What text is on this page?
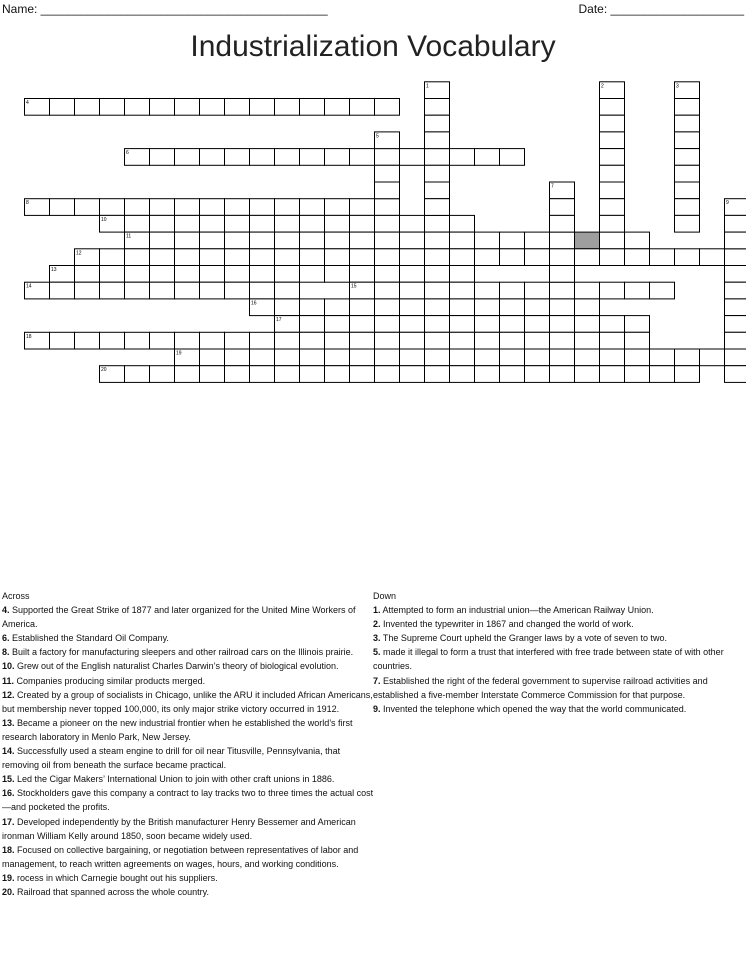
Name: ___________________________________________	Date: ____________________
Industrialization Vocabulary
4
6
8
10
11
12
13
14	15
16
17
18
19
20
1	2	3
5
7
9
Across

4. Supported the Great Strike of 1877 and later organized for the United Mine Workers of America.

6. Established the Standard Oil Company.

8. Built a factory for manufacturing sleepers and other railroad cars on the Illinois prairie.

10. Grew out of the English naturalist Charles Darwin’s theory of biological evolution.

11. Companies producing similar products merged.

12. Created by a group of socialists in Chicago, unlike the ARU it included African Americans, but membership never topped 100,000, its only major strike victory occurred in 1912.

13. Became a pioneer on the new industrial frontier when he established the world’s first research laboratory in Menlo Park, New Jersey.

14. Successfully used a steam engine to drill for oil near Titusville, Pennsylvania, that removing oil from beneath the surface became practical.

15. Led the Cigar Makers’ International Union to join with other craft unions in 1886.

16. Stockholders gave this company a contract to lay tracks two to three times the actual cost—and pocketed the profits.

17. Developed independently by the British manufacturer Henry Bessemer and American ironman William Kelly around 1850, soon became widely used.

18. Focused on collective bargaining, or negotiation between representatives of labor and management, to reach written agreements on wages, hours, and working conditions.

19. rocess in which Carnegie bought out his suppliers.

20. Railroad that spanned across the whole country.

Down

1. Attempted to form an industrial union—the American Railway Union.

2. Invented the typewriter in 1867 and changed the world of work.

3. The Supreme Court upheld the Granger laws by a vote of seven to two.

5. made it illegal to form a trust that interfered with free trade between state of with other countries.

7. Established the right of the federal government to supervise railroad activities and established a five-member Interstate Commerce Commission for that purpose.

9. Invented the telephone which opened the way that the world communicated.
